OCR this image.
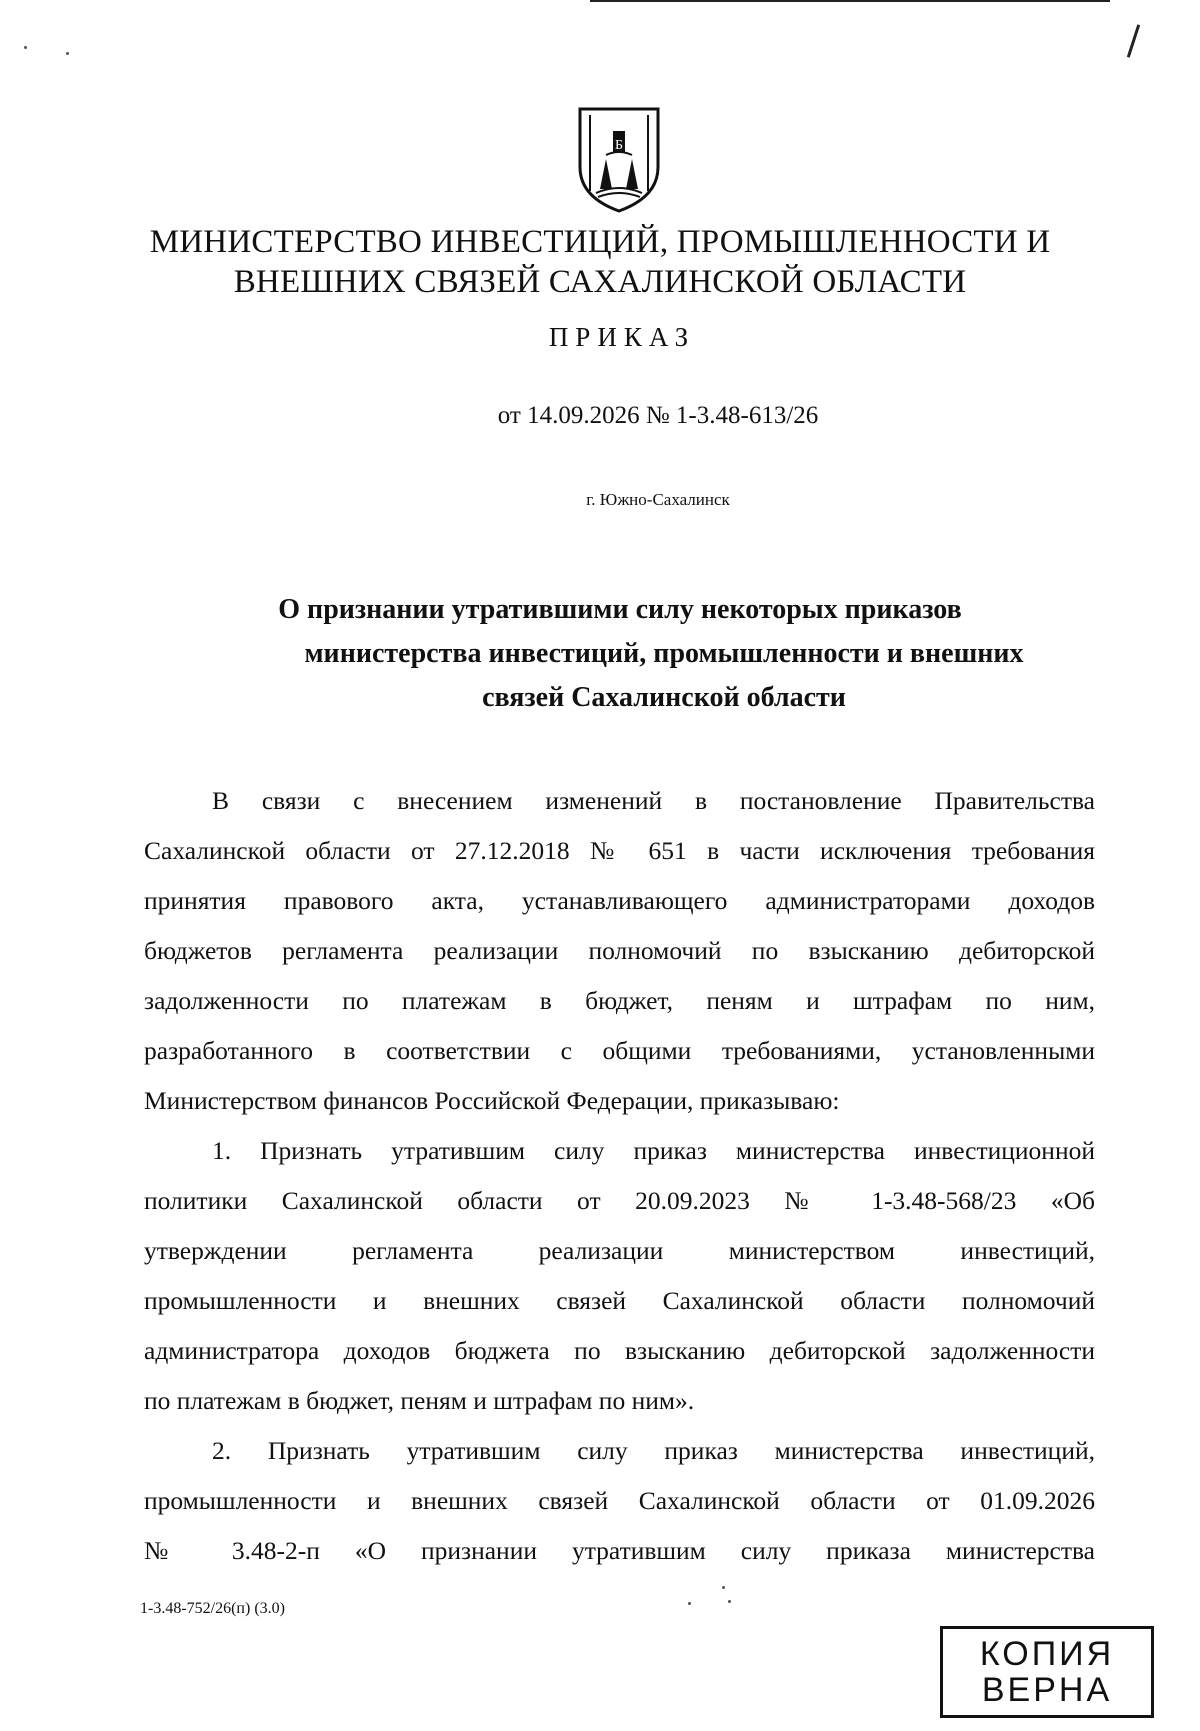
Б
МИНИСТЕРСТВО ИНВЕСТИЦИЙ, ПРОМЫШЛЕННОСТИ И
ВНЕШНИХ СВЯЗЕЙ САХАЛИНСКОЙ ОБЛАСТИ
ПРИКАЗ
от 14.09.2026 № 1-3.48-613/26
г. Южно-Сахалинск
О признании утратившими силу некоторых приказов
министерства инвестиций, промышленности и внешних
связей Сахалинской области
В связи с внесением изменений в постановление Правительства
Сахалинской области от 27.12.2018 № 651 в части исключения требования
принятия правового акта, устанавливающего администраторами доходов
бюджетов регламента реализации полномочий по взысканию дебиторской
задолженности по платежам в бюджет, пеням и штрафам по ним,
разработанного в соответствии с общими требованиями, установленными
Министерством финансов Российской Федерации, приказываю:
1. Признать утратившим силу приказ министерства инвестиционной
политики Сахалинской области от 20.09.2023 № 1-3.48-568/23 «Об
утверждении регламента реализации министерством инвестиций,
промышленности и внешних связей Сахалинской области полномочий
администратора доходов бюджета по взысканию дебиторской задолженности
по платежам в бюджет, пеням и штрафам по ним».
2. Признать утратившим силу приказ министерства инвестиций,
промышленности и внешних связей Сахалинской области от 01.09.2026
№ 3.48-2-п «О признании утратившим силу приказа министерства
1-3.48-752/26(п) (3.0)
КОПИЯ
ВЕРНА
